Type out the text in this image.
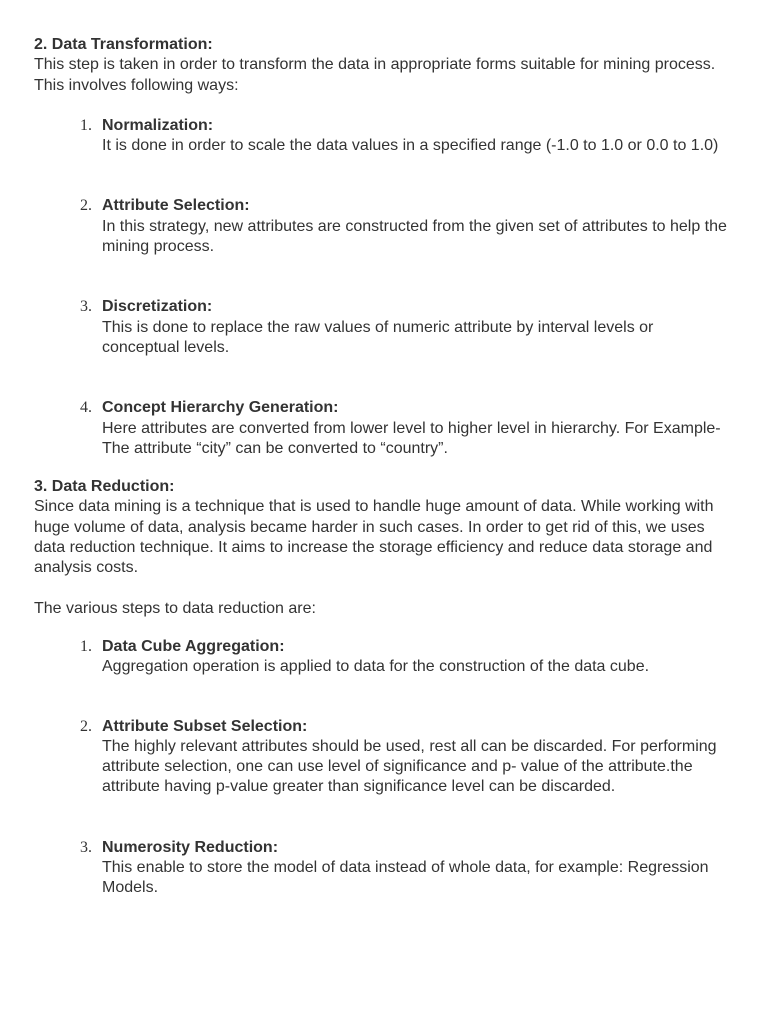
2. Data Transformation:

This step is taken in order to transform the data in appropriate forms suitable for mining process. This involves following ways:

1. Normalization:
It is done in order to scale the data values in a specified range (-1.0 to 1.0 or 0.0 to 1.0)
2. Attribute Selection:
In this strategy, new attributes are constructed from the given set of attributes to help the mining process.
3. Discretization:
This is done to replace the raw values of numeric attribute by interval levels or conceptual levels.
4. Concept Hierarchy Generation:
Here attributes are converted from lower level to higher level in hierarchy. For Example-The attribute “city” can be converted to “country”.
3. Data Reduction:

Since data mining is a technique that is used to handle huge amount of data. While working with huge volume of data, analysis became harder in such cases. In order to get rid of this, we uses data reduction technique. It aims to increase the storage efficiency and reduce data storage and analysis costs.

The various steps to data reduction are:

1. Data Cube Aggregation:
Aggregation operation is applied to data for the construction of the data cube.
2. Attribute Subset Selection:
The highly relevant attributes should be used, rest all can be discarded. For performing attribute selection, one can use level of significance and p- value of the attribute.the attribute having p-value greater than significance level can be discarded.
3. Numerosity Reduction:
This enable to store the model of data instead of whole data, for example: Regression Models.
